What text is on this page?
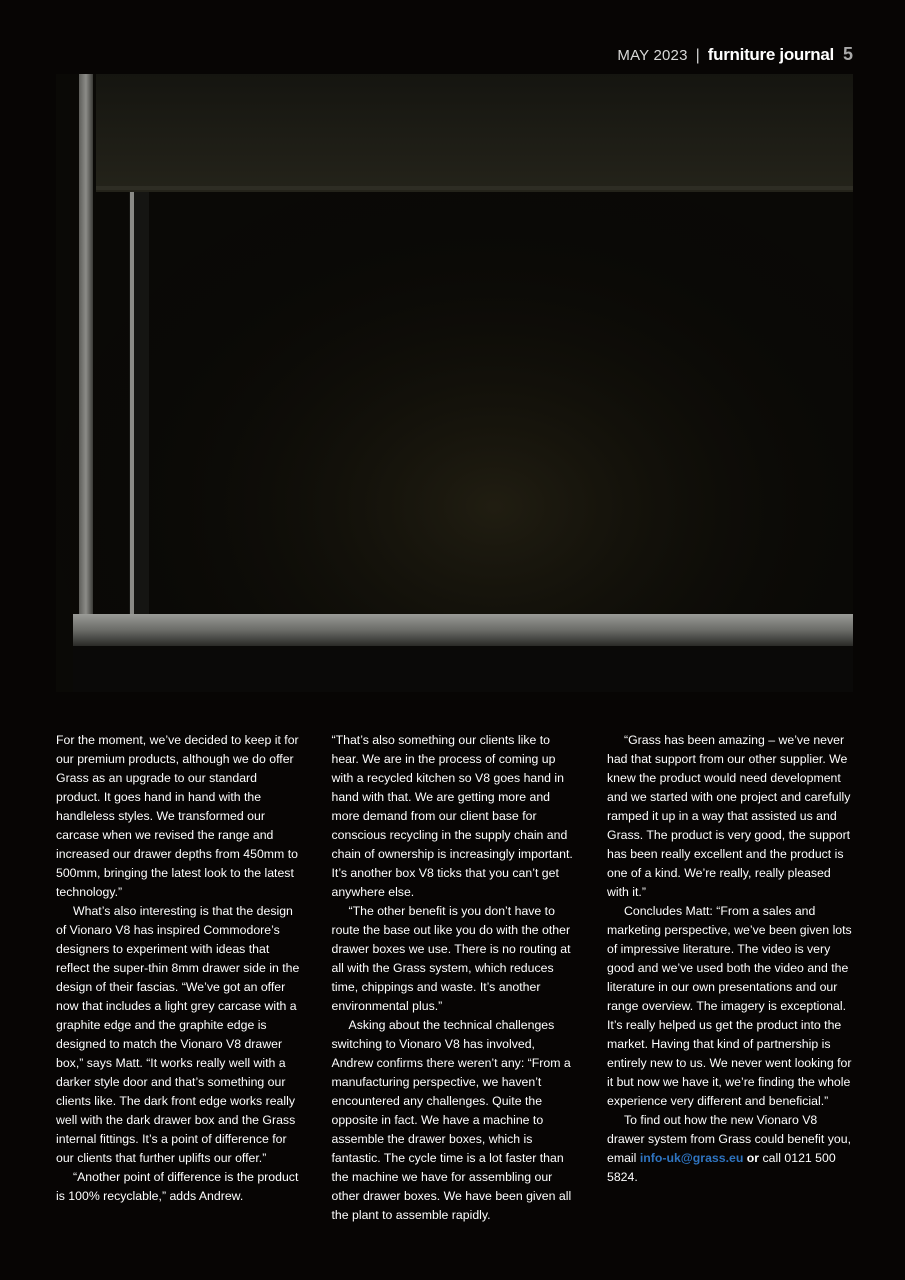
MAY 2023 | furniture journal 5

For the moment, we’ve decided to keep it for our premium products, although we do offer Grass as an upgrade to our standard product. It goes hand in hand with the handleless styles. We transformed our carcase when we revised the range and increased our drawer depths from 450mm to 500mm, bringing the latest look to the latest technology.”

What’s also interesting is that the design of Vionaro V8 has inspired Commodore’s designers to experiment with ideas that reflect the super-thin 8mm drawer side in the design of their fascias. “We’ve got an offer now that includes a light grey carcase with a graphite edge and the graphite edge is designed to match the Vionaro V8 drawer box,” says Matt. “It works really well with a darker style door and that’s something our clients like. The dark front edge works really well with the dark drawer box and the Grass internal fittings. It’s a point of difference for our clients that further uplifts our offer.”

“Another point of difference is the product is 100% recyclable,” adds Andrew.

“That’s also something our clients like to hear. We are in the process of coming up with a recycled kitchen so V8 goes hand in hand with that. We are getting more and more demand from our client base for conscious recycling in the supply chain and chain of ownership is increasingly important. It’s another box V8 ticks that you can’t get anywhere else.

“The other benefit is you don’t have to route the base out like you do with the other drawer boxes we use. There is no routing at all with the Grass system, which reduces time, chippings and waste. It’s another environmental plus.”

Asking about the technical challenges switching to Vionaro V8 has involved, Andrew confirms there weren’t any: “From a manufacturing perspective, we haven’t encountered any challenges. Quite the opposite in fact. We have a machine to assemble the drawer boxes, which is fantastic. The cycle time is a lot faster than the machine we have for assembling our other drawer boxes. We have been given all the plant to assemble rapidly.

“Grass has been amazing – we’ve never had that support from our other supplier. We knew the product would need development and we started with one project and carefully ramped it up in a way that assisted us and Grass. The product is very good, the support has been really excellent and the product is one of a kind. We’re really, really pleased with it.”

Concludes Matt: “From a sales and marketing perspective, we’ve been given lots of impressive literature. The video is very good and we’ve used both the video and the literature in our own presentations and our range overview. The imagery is exceptional. It’s really helped us get the product into the market. Having that kind of partnership is entirely new to us. We never went looking for it but now we have it, we’re finding the whole experience very different and beneficial.”

To find out how the new Vionaro V8 drawer system from Grass could benefit you, email info-uk@grass.eu or call 0121 500 5824.
